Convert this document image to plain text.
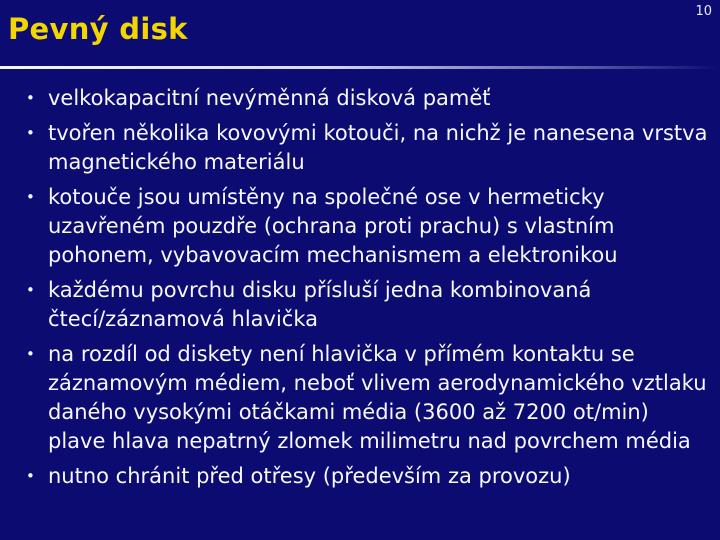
Pevný disk
10
• velkokapacitní nevýměnná disková paměť
• tvořen několika kovovými kotouči, na nichž je nanesena vrstva magnetického materiálu
• kotouče jsou umístěny na společné ose v hermeticky uzavřeném pouzdře (ochrana proti prachu) s vlastním pohonem, vybavovacím mechanismem a elektronikou
• každému povrchu disku přísluší jedna kombinovaná čtecí/záznamová hlavička
• na rozdíl od diskety není hlavička v přímém kontaktu se záznamovým médiem, neboť vlivem aerodynamického vztlaku daného vysokými otáčkami média (3600 až 7200 ot/min) plave hlava nepatrný zlomek milimetru nad povrchem média
• nutno chránit před otřesy (především za provozu)
